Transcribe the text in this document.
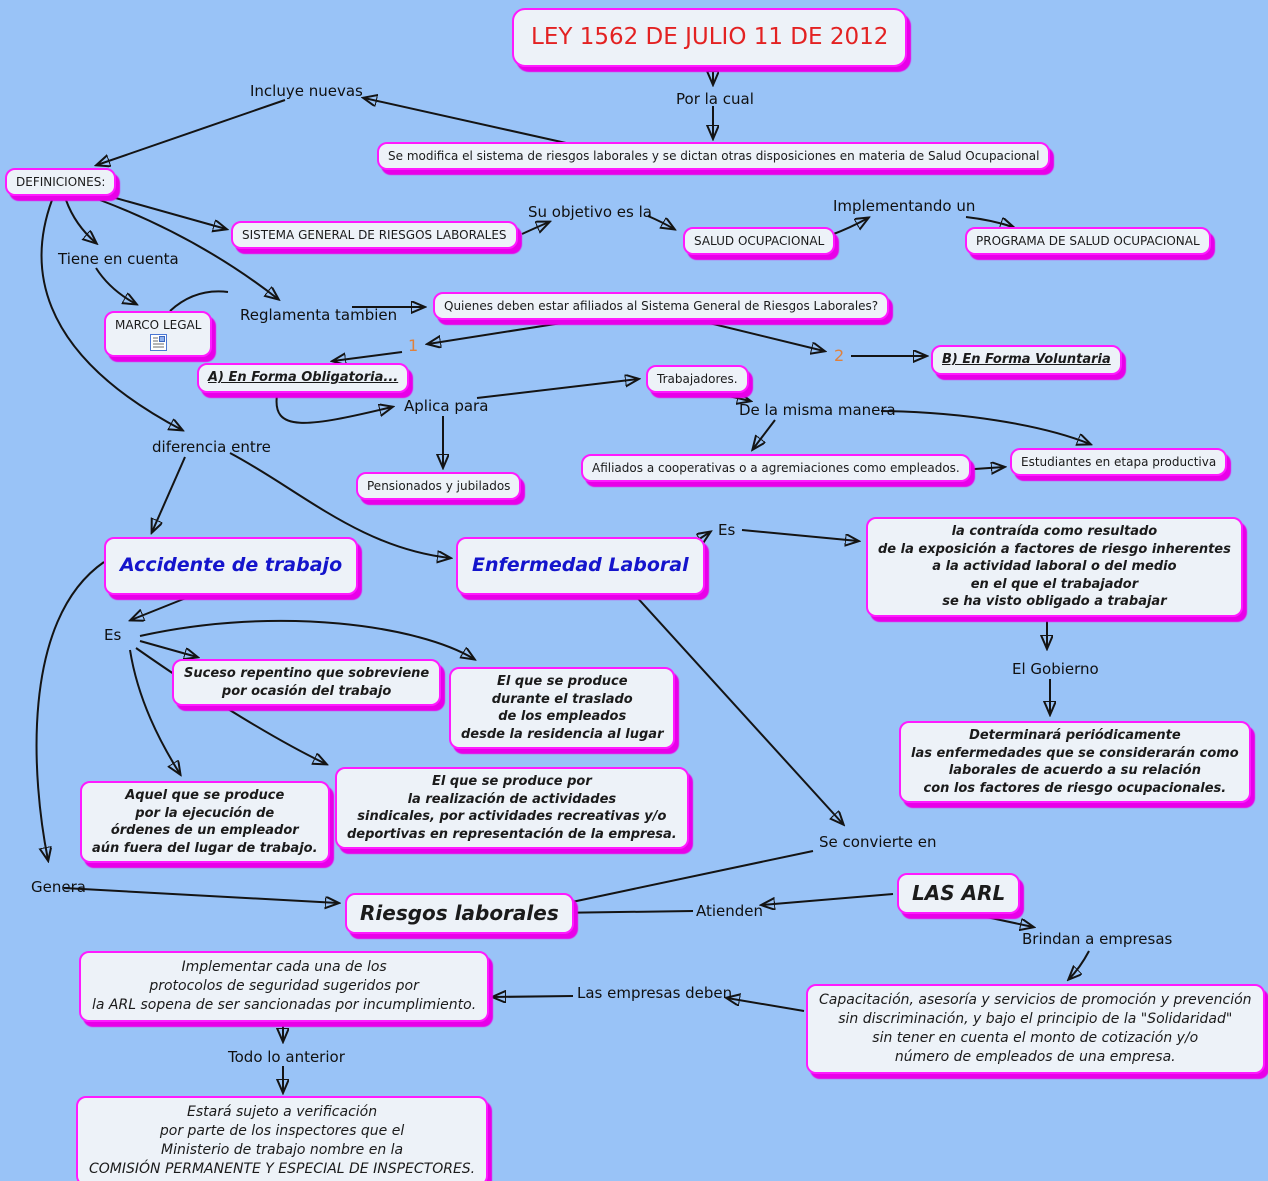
LEY 1562 DE JULIO 11 DE 2012
Se modifica el sistema de riesgos laborales y se dictan otras disposiciones en materia de Salud Ocupacional
DEFINICIONES:
SISTEMA GENERAL DE RIESGOS LABORALES	SALUD OCUPACIONAL	PROGRAMA DE SALUD OCUPACIONAL
MARCO LEGAL
Quienes deben estar afiliados al Sistema General de Riesgos Laborales?
A) En Forma Obligatoria...
B) En Forma Voluntaria
Trabajadores.
Pensionados y jubilados
Afiliados a cooperativas o a agremiaciones como empleados.	Estudiantes en etapa productiva
Accidente de trabajo	Enfermedad Laboral
la contraída como resultado
de la exposición a factores de riesgo inherentes
a la actividad laboral o del medio
en el que el trabajador
se ha visto obligado a trabajar
Suceso repentino que sobreviene
por ocasión del trabajo
El que se produce
durante el traslado
de los empleados
desde la residencia al lugar	Determinará periódicamente
las enfermedades que se considerarán como
laborales de acuerdo a su relación
con los factores de riesgo ocupacionales.
Aquel que se produce
por la ejecución de
órdenes de un empleador
aún fuera del lugar de trabajo.
El que se produce por
la realización de actividades
sindicales, por actividades recreativas y/o
deportivas en representación de la empresa.
LAS ARL
Riesgos laborales
Implementar cada una de los
protocolos de seguridad sugeridos por
la ARL sopena de ser sancionadas por incumplimiento.	Capacitación, asesoría y servicios de promoción y prevención
sin discriminación, y bajo el principio de la "Solidaridad"
sin tener en cuenta el monto de cotización y/o
número de empleados de una empresa.
Estará sujeto a verificación
por parte de los inspectores que el
Ministerio de trabajo nombre en la
COMISIÓN PERMANENTE Y ESPECIAL DE INSPECTORES.
Incluye nuevas	Por la cual
Su objetivo es la	Implementando un
Tiene en cuenta
Reglamenta tambien
1
2
Aplica para	De la misma manera
diferencia entre
Es
Es
El Gobierno
Se convierte en
Genera
Atienden
Brindan a empresas
Las empresas deben
Todo lo anterior
